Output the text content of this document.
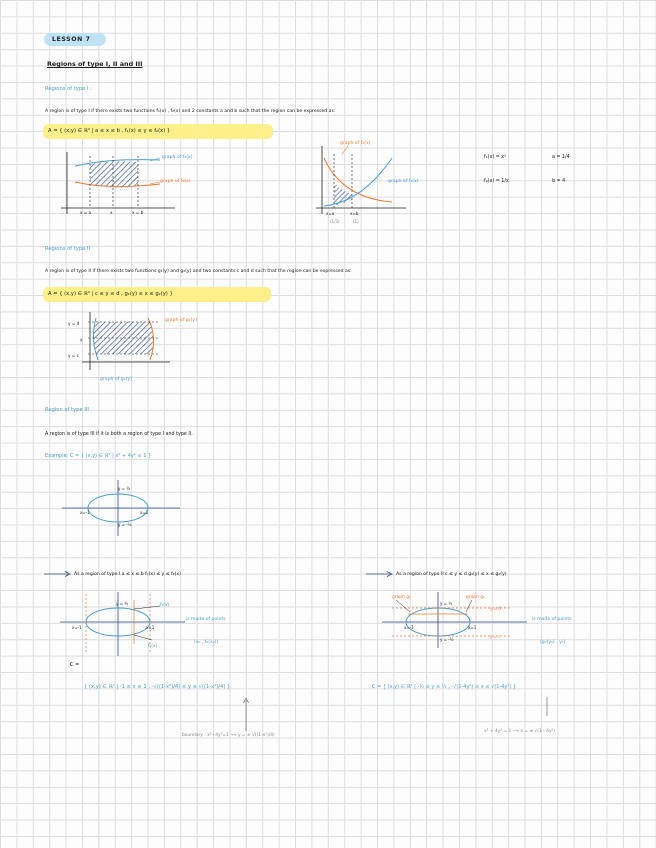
LESSON 7
Regions of type I, II and III
Regions of type I :
A region is of type I if there exists two functions f₁(x) , f₂(x) and 2 constants a and b such that the region can be expressed as:
A = { (x,y) ∈ ℝ² | a ≤ x ≤ b , f₁(x) ≤ y ≤ f₂(x) }
graph of f₂(x)
graph of f₁(x)
x = a	x	x = b
graph of f₂(x)
graph of f₁(x)
x=a	x=b
(1/3)	(1)
f₁(x) = x²	a = 1/4
f₂(x) = 1/x	b = 4
Regions of type II
A region is of type II if there exists two functions g₁(y) and g₂(y) and two constants c and d such that the region can be expressed as:
A = { (x,y) ∈ ℝ² | c ≤ y ≤ d , g₁(y) ≤ x ≤ g₂(y) }
graph of g₂(y)
graph of g₁(y)
y = d
y
y = c
Region of type III
A region is of type III if it is both a region of type I and type II.
Example: C = { (x,y) ∈ ℝ² | x² + 4y² ≤ 1 }
y = ½
y = -½
x=-1	x=1
As a region of type I a ≤ x ≤ b f₁(x) ≤ y ≤ f₂(x)
f₂(x)
f₁(x)
y = ½
x=-1	x=1
is made of points
(x₀ , f₂(x₀))
C =
{ (x,y) ∈ ℝ² | -1 ≤ x ≤ 1 , -√((1-x²)/4) ≤ y ≤ √((1-x²)/4) }
boundary : x²+4y²=1 ⟶ y = ± √((1-x²)/4)
As a region of type II c ≤ y ≤ d g₁(y) ≤ x ≤ g₂(y)
graph g₁	graph g₂
y = ½
y = -½
y = d
y = c
x=-1	x=1
is made of points
(g₂(y₀) , y₀)
C = { (x,y) ∈ ℝ² | -½ ≤ y ≤ ½ , -√(1-4y²) ≤ x ≤ √(1-4y²) }
x² + 4y² = 1 ⟶ x = ± √(1 - 4y²)
